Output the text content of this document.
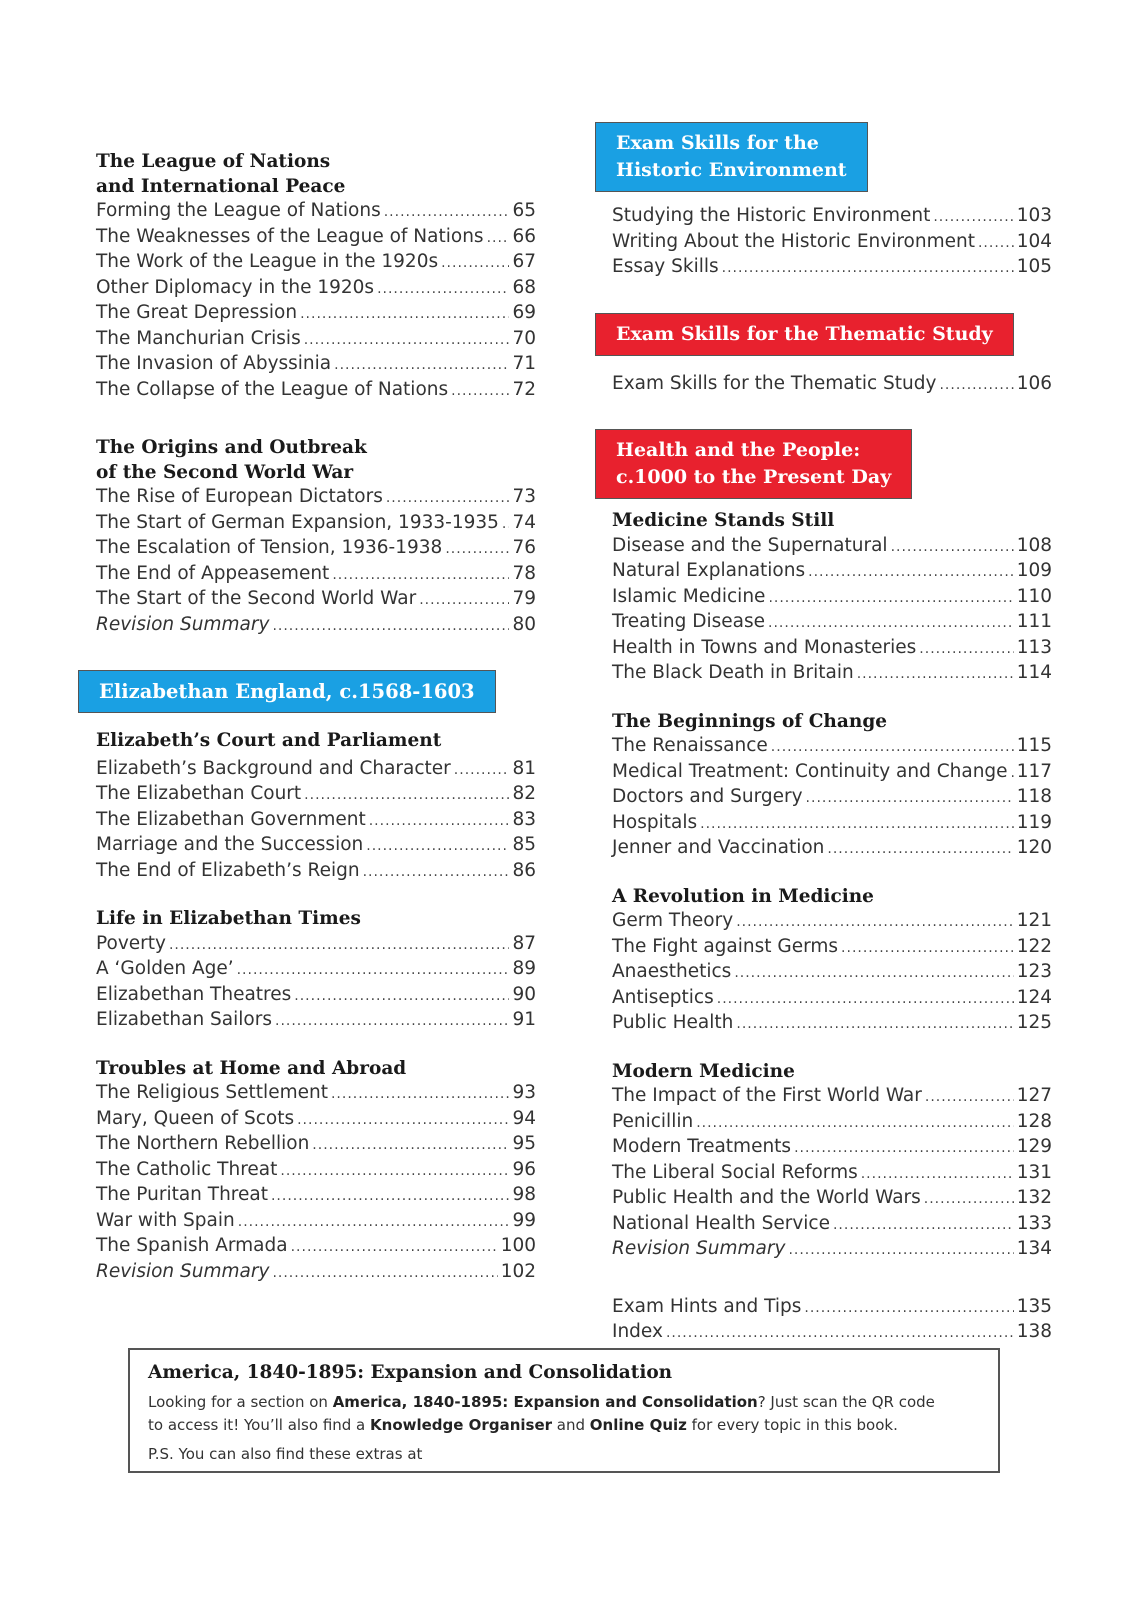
The League of Nations
and International Peace
Forming the League of Nations .....	65
The Weaknesses of the League of Nations ..... 66
The Work of the League in the 1920s .....	67
Other Diplomacy in the 1920s .....	68
The Great Depression .....	69
The Manchurian Crisis .....	70
The Invasion of Abyssinia .....	71
The Collapse of the League of Nations .....	72
The Origins and Outbreak
of the Second World War
The Rise of European Dictators .....	73
The Start of German Expansion, 1933-1935 ..... 74
The Escalation of Tension, 1936-1938 .....	76
The End of Appeasement .....	78
The Start of the Second World War .....	79
Revision Summary .....	80
Elizabethan England, c.1568-1603
Elizabeth’s Court and Parliament
Elizabeth’s Background and Character .....	81
The Elizabethan Court .....	82
The Elizabethan Government .....	83
Marriage and the Succession .....	85
The End of Elizabeth’s Reign .....	86
Life in Elizabethan Times
Poverty .....	87
A ‘Golden Age’ .....	89
Elizabethan Theatres .....	90
Elizabethan Sailors .....	91
Troubles at Home and Abroad
The Religious Settlement .....	93
Mary, Queen of Scots .....	94
The Northern Rebellion .....	95
The Catholic Threat .....	96
The Puritan Threat .....	98
War with Spain .....	99
The Spanish Armada .....	100
Revision Summary .....	102
Exam Skills for the
Historic Environment
Studying the Historic Environment .....	103
Writing About the Historic Environment ..... 104
Essay Skills .....	105
Exam Skills for the Thematic Study
Exam Skills for the Thematic Study .....	106
Health and the People:
c.1000 to the Present Day
Medicine Stands Still
Disease and the Supernatural .....	108
Natural Explanations .....	109
Islamic Medicine .....	110
Treating Disease .....	111
Health in Towns and Monasteries .....	113
The Black Death in Britain .....	114
The Beginnings of Change
The Renaissance .....	115
Medical Treatment: Continuity and Change ..... 117
Doctors and Surgery .....	118
Hospitals .....	119
Jenner and Vaccination .....	120
A Revolution in Medicine
Germ Theory .....	121
The Fight against Germs .....	122
Anaesthetics .....	123
Antiseptics .....	124
Public Health .....	125
Modern Medicine
The Impact of the First World War .....	127
Penicillin .....	128
Modern Treatments .....	129
The Liberal Social Reforms .....	131
Public Health and the World Wars .....	132
National Health Service .....	133
Revision Summary .....	134
Exam Hints and Tips .....	135
Index .....	138
America, 1840-1895: Expansion and Consolidation
Looking for a section on America, 1840-1895: Expansion and Consolidation? Just scan the QR code
to access it! You’ll also find a Knowledge Organiser and Online Quiz for every topic in this book.
P.S. You can also find these extras at
